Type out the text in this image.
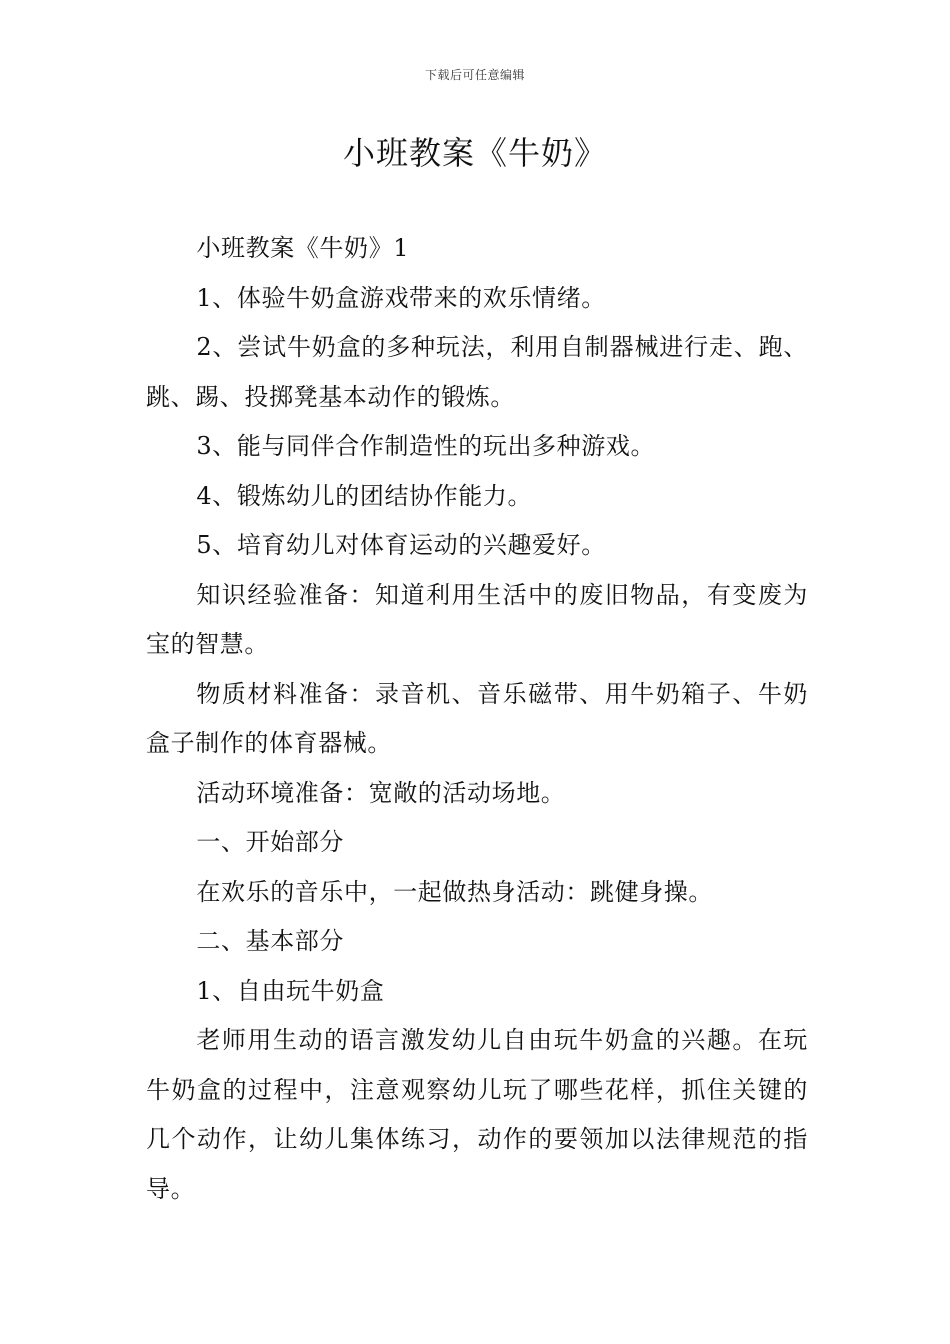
下载后可任意编辑
小班教案《牛奶》

小班教案《牛奶》1

1、体验牛奶盒游戏带来的欢乐情绪。

2、尝试牛奶盒的多种玩法，利用自制器械进行走、跑、跳、踢、投掷凳基本动作的锻炼。

3、能与同伴合作制造性的玩出多种游戏。

4、锻炼幼儿的团结协作能力。

5、培育幼儿对体育运动的兴趣爱好。

知识经验准备：知道利用生活中的废旧物品，有变废为宝的智慧。

物质材料准备：录音机、音乐磁带、用牛奶箱子、牛奶盒子制作的体育器械。

活动环境准备：宽敞的活动场地。

一、开始部分

在欢乐的音乐中，一起做热身活动：跳健身操。

二、基本部分

1、自由玩牛奶盒

老师用生动的语言激发幼儿自由玩牛奶盒的兴趣。在玩牛奶盒的过程中，注意观察幼儿玩了哪些花样，抓住关键的几个动作，让幼儿集体练习，动作的要领加以法律规范的指导。
